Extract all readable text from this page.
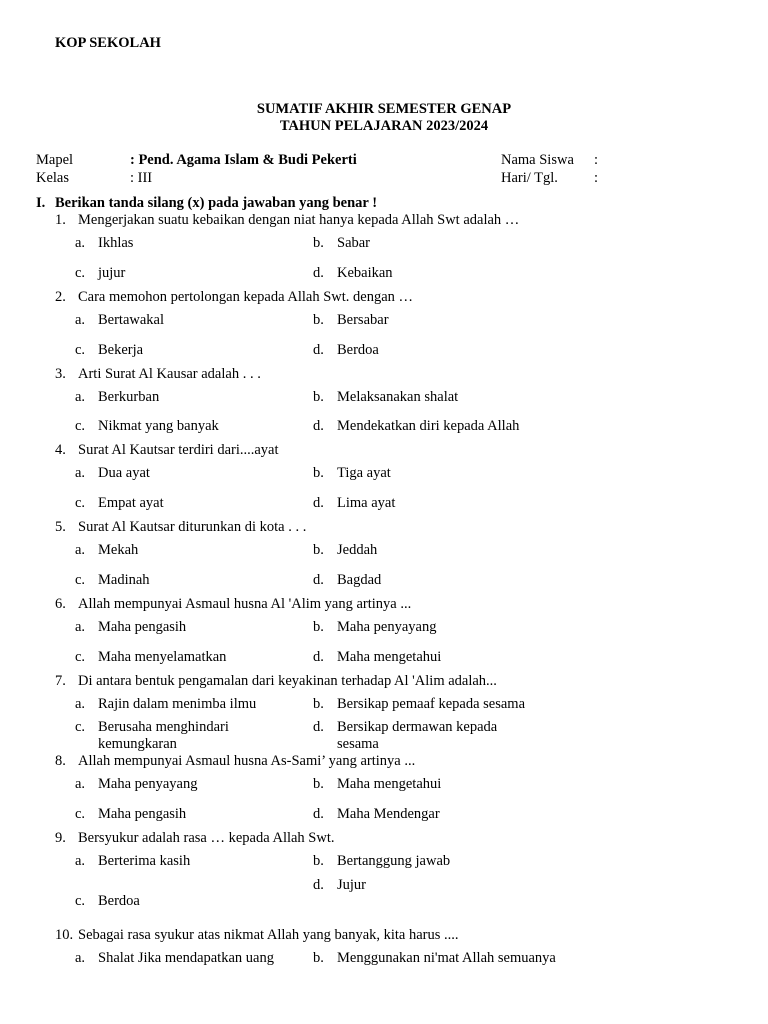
KOP SEKOLAH
SUMATIF AKHIR SEMESTER GENAP
TAHUN PELAJARAN 2023/2024
Mapel	: Pend. Agama Islam & Budi Pekerti
Kelas	: III
Nama Siswa :
Hari/ Tgl. :
I. Berikan tanda silang (x) pada jawaban yang benar !
1. Mengerjakan suatu kebaikan dengan niat hanya kepada Allah Swt adalah …
a. Ikhlas	b. Sabar
c. jujur	d. Kebaikan
2. Cara memohon pertolongan kepada Allah Swt. dengan …
a. Bertawakal	b. Bersabar
c. Bekerja	d. Berdoa
3. Arti Surat Al Kausar adalah . . .
a. Berkurban	b. Melaksanakan shalat
c. Nikmat yang banyak	d. Mendekatkan diri kepada Allah
4. Surat Al Kautsar terdiri dari....ayat
a. Dua ayat	b. Tiga ayat
c. Empat ayat	d. Lima ayat
5. Surat Al Kautsar diturunkan di kota . . .
a. Mekah	b. Jeddah
c. Madinah	d. Bagdad
6. Allah mempunyai Asmaul husna Al 'Alim yang artinya ...
a. Maha pengasih	b. Maha penyayang
c. Maha menyelamatkan	d. Maha mengetahui
7. Di antara bentuk pengamalan dari keyakinan terhadap Al 'Alim adalah...
a. Rajin dalam menimba ilmu	b. Bersikap pemaaf kepada sesama
c. Berusaha menghindari kemungkaran
d. Bersikap dermawan kepada sesama
8. Allah mempunyai Asmaul husna As-Sami’ yang artinya ...
a. Maha penyayang	b. Maha mengetahui
c. Maha pengasih	d. Maha Mendengar
9. Bersyukur adalah rasa … kepada Allah Swt.
a. Berterima kasih	b. Bertanggung jawab
d. Jujur
c. Berdoa
10. Sebagai rasa syukur atas nikmat Allah yang banyak, kita harus ....
a. Shalat Jika mendapatkan uang	b. Menggunakan ni'mat Allah semuanya
